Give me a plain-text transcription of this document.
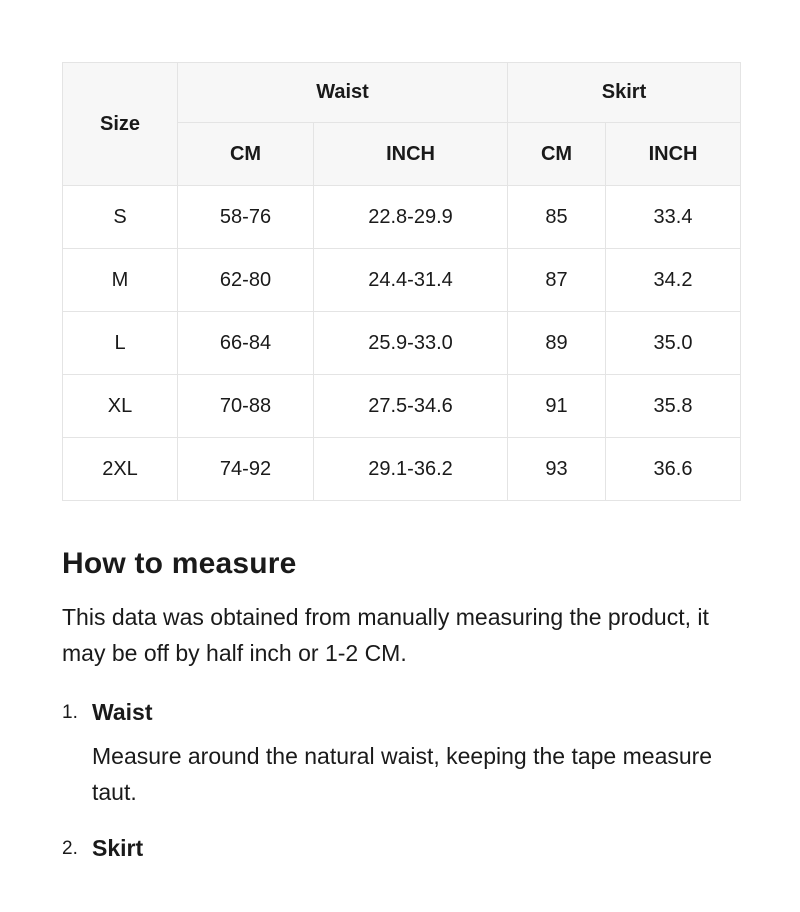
Size	Waist		Skirt	
	CM	INCH	CM	INCH
S	58-76	22.8-29.9	85	33.4
M	62-80	24.4-31.4	87	34.2
L	66-84	25.9-33.0	89	35.0
XL	70-88	27.5-34.6	91	35.8
2XL	74-92	29.1-36.2	93	36.6
How to measure

This data was obtained from manually measuring the product, it may be off by half inch or 1-2 CM.

1. Waist

Measure around the natural waist, keeping the tape measure taut.

2. Skirt
